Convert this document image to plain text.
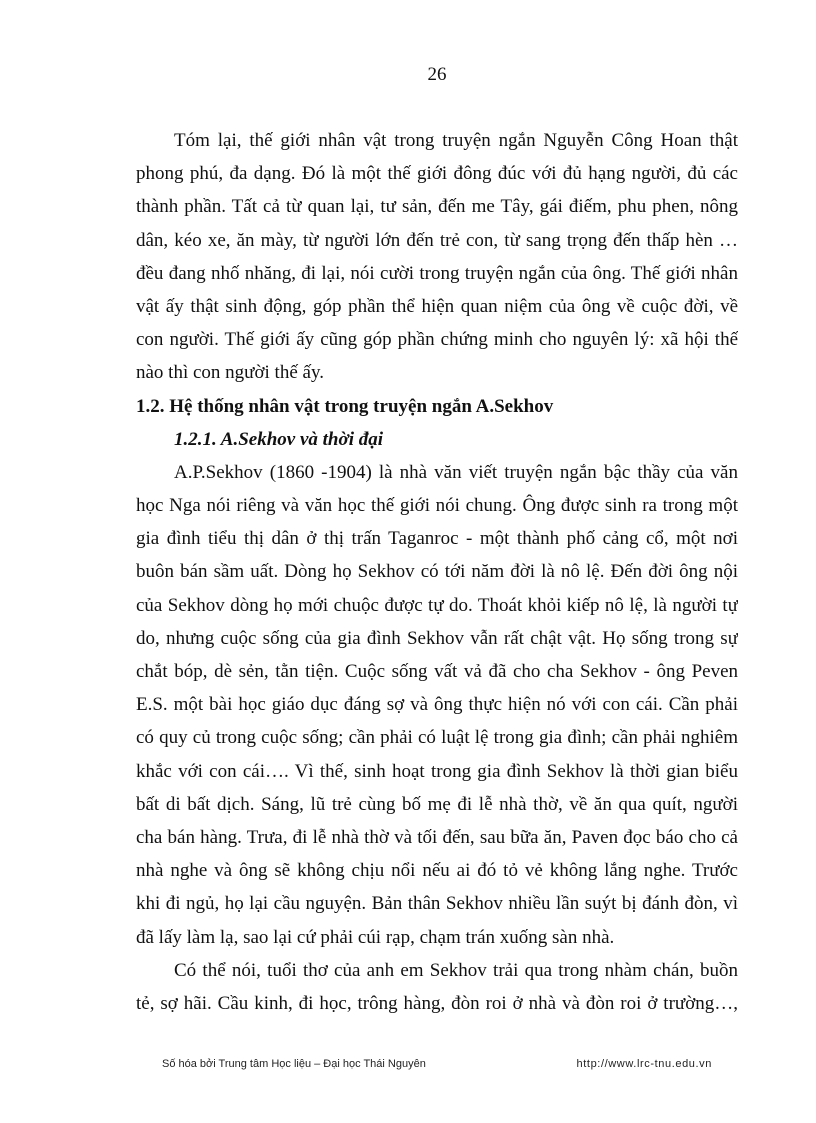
26
Tóm lại, thế giới nhân vật trong truyện ngắn Nguyễn Công Hoan thật
phong phú, đa dạng. Đó là một thế giới đông đúc với đủ hạng người, đủ các
thành phần. Tất cả từ quan lại, tư sản, đến me Tây, gái điếm, phu phen, nông
dân, kéo xe, ăn mày, từ người lớn đến trẻ con, từ sang trọng đến thấp hèn …
đều đang nhố nhăng, đi lại, nói cười trong truyện ngắn của ông. Thế giới nhân
vật ấy thật sinh động, góp phần thể hiện quan niệm của ông về cuộc đời, về
con người. Thế giới ấy cũng góp phần chứng minh cho nguyên lý: xã hội thế
nào thì con người thế ấy.
1.2. Hệ thống nhân vật trong truyện ngắn A.Sekhov
1.2.1. A.Sekhov và thời đại
A.P.Sekhov (1860 -1904) là nhà văn viết truyện ngắn bậc thầy của văn
học Nga nói riêng và văn học thế giới nói chung. Ông được sinh ra trong một
gia đình tiểu thị dân ở thị trấn Taganroc - một thành phố cảng cổ, một nơi
buôn bán sầm uất. Dòng họ Sekhov có tới năm đời là nô lệ. Đến đời ông nội
của Sekhov dòng họ mới chuộc được tự do. Thoát khỏi kiếp nô lệ, là người tự
do, nhưng cuộc sống của gia đình Sekhov vẫn rất chật vật. Họ sống trong sự
chắt bóp, dè sẻn, tằn tiện. Cuộc sống vất vả đã cho cha Sekhov - ông Peven
E.S. một bài học giáo dục đáng sợ và ông thực hiện nó với con cái. Cần phải
có quy củ trong cuộc sống; cần phải có luật lệ trong gia đình; cần phải nghiêm
khắc với con cái…. Vì thế, sinh hoạt trong gia đình Sekhov là thời gian biểu
bất di bất dịch. Sáng, lũ trẻ cùng bố mẹ đi lễ nhà thờ, về ăn qua quít, người
cha bán hàng. Trưa, đi lễ nhà thờ và tối đến, sau bữa ăn, Paven đọc báo cho cả
nhà nghe và ông sẽ không chịu nổi nếu ai đó tỏ vẻ không lắng nghe. Trước
khi đi ngủ, họ lại cầu nguyện. Bản thân Sekhov nhiều lần suýt bị đánh đòn, vì
đã lấy làm lạ, sao lại cứ phải cúi rạp, chạm trán xuống sàn nhà.
Có thể nói, tuổi thơ của anh em Sekhov trải qua trong nhàm chán, buồn
tẻ, sợ hãi. Cầu kinh, đi học, trông hàng, đòn roi ở nhà và đòn roi ở trường…,
Số hóa bởi Trung tâm Học liệu – Đại học Thái Nguyên	http://www.lrc-tnu.edu.vn
